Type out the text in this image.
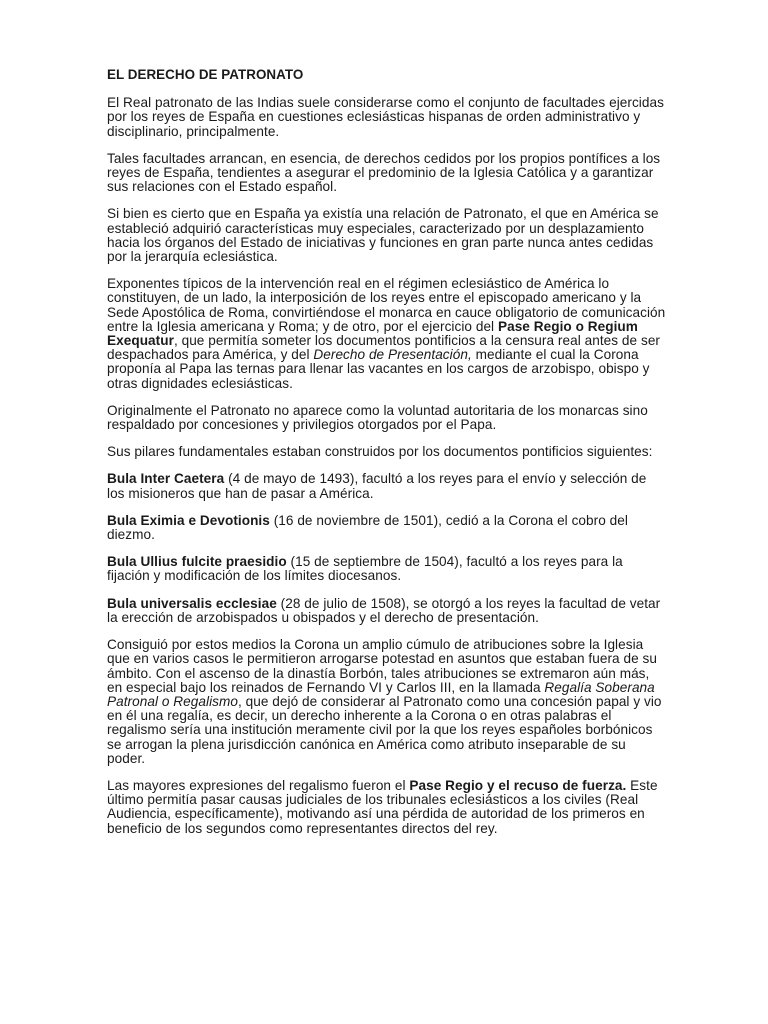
EL DERECHO DE PATRONATO

El Real patronato de las Indias suele considerarse como el conjunto de facultades ejercidas por los reyes de España en cuestiones eclesiásticas hispanas de orden administrativo y disciplinario, principalmente.

Tales facultades arrancan, en esencia, de derechos cedidos por los propios pontífices a los reyes de España, tendientes a asegurar el predominio de la Iglesia Católica y a garantizar sus relaciones con el Estado español.

Si bien es cierto que en España ya existía una relación de Patronato, el que en América se estableció adquirió características muy especiales, caracterizado por un desplazamiento hacia los órganos del Estado de iniciativas y funciones en gran parte nunca antes cedidas por la jerarquía eclesiástica.

Exponentes típicos de la intervención real en el régimen eclesiástico de América lo constituyen, de un lado, la interposición de los reyes entre el episcopado americano y la Sede Apostólica de Roma, convirtiéndose el monarca en cauce obligatorio de comunicación entre la Iglesia americana y Roma; y de otro, por el ejercicio del Pase Regio o Regium Exequatur, que permitía someter los documentos pontificios a la censura real antes de ser despachados para América, y del Derecho de Presentación, mediante el cual la Corona proponía al Papa las ternas para llenar las vacantes en los cargos de arzobispo, obispo y otras dignidades eclesiásticas.

Originalmente el Patronato no aparece como la voluntad autoritaria de los monarcas sino respaldado por concesiones y privilegios otorgados por el Papa.

Sus pilares fundamentales estaban construidos por los documentos pontificios siguientes:

Bula Inter Caetera (4 de mayo de 1493), facultó a los reyes para el envío y selección de los misioneros que han de pasar a América.

Bula Eximia e Devotionis (16 de noviembre de 1501), cedió a la Corona el cobro del diezmo.

Bula Ullius fulcite praesidio (15 de septiembre de 1504), facultó a los reyes para la fijación y modificación de los límites diocesanos.

Bula universalis ecclesiae (28 de julio de 1508), se otorgó a los reyes la facultad de vetar la erección de arzobispados u obispados y el derecho de presentación.

Consiguió por estos medios la Corona un amplio cúmulo de atribuciones sobre la Iglesia que en varios casos le permitieron arrogarse potestad en asuntos que estaban fuera de su ámbito. Con el ascenso de la dinastía Borbón, tales atribuciones se extremaron aún más, en especial bajo los reinados de Fernando VI y Carlos III, en la llamada Regalía Soberana Patronal o Regalismo, que dejó de considerar al Patronato como una concesión papal y vio en él una regalía, es decir, un derecho inherente a la Corona o en otras palabras el regalismo sería una institución meramente civil por la que los reyes españoles borbónicos se arrogan la plena jurisdicción canónica en América como atributo inseparable de su poder.

Las mayores expresiones del regalismo fueron el Pase Regio y el recuso de fuerza. Este último permitía pasar causas judiciales de los tribunales eclesiásticos a los civiles (Real Audiencia, específicamente), motivando así una pérdida de autoridad de los primeros en beneficio de los segundos como representantes directos del rey.
